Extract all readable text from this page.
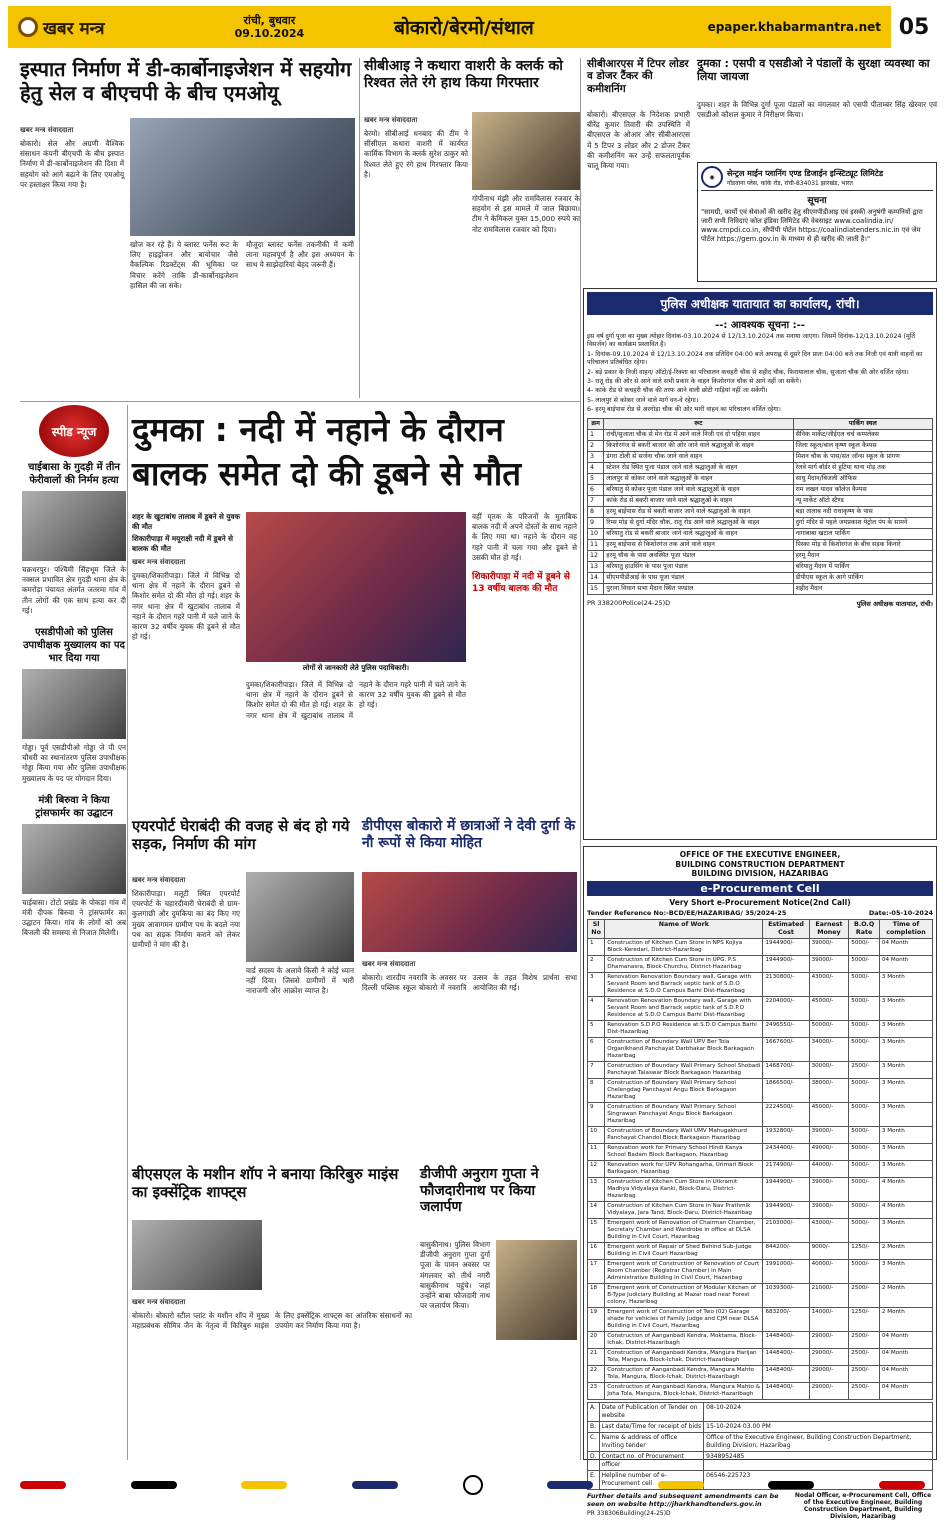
खबर मन्त्र	रांची, बुधवार
09.10.2024	बोकारो/बेरमो/संथाल	epaper.khabarmantra.net 05
इस्पात निर्माण में डी-कार्बोनाइजेशन में सहयोग हेतु सेल व बीएचपी के बीच एमओयू
खबर मन्त्र संवाददाता
बोकारो। सेल और अग्रणी वैश्विक संसाधन कंपनी बीएचपी के बीच इस्पात निर्माण में डी-कार्बोनाइजेशन की दिशा में सहयोग को आगे बढ़ाने के लिए एमओयू पर हस्ताक्षर किया गया है।
खोज कर रहे हैं। ये ब्लास्ट फर्नेस रूट के लिए हाइड्रोजन और बायोचार जैसे वैकल्पिक रिडक्टेंट्स की भूमिका पर विचार करेंगे ताकि डी-कार्बोनाइजेशन हासिल की जा सके।
मौजूदा ब्लास्ट फर्नेस तकनीकी में कमी लाना महत्वपूर्ण है और इस अध्ययन के साथ ये साझेदारियां बेहद जरूरी हैं।
सीबीआइ ने कथारा वाशरी के क्लर्क को रिश्वत लेते रंगे हाथ किया गिरफ्तार
खबर मन्त्र संवाददाता
बेरमो। सीबीआई धनबाद की टीम ने सीसीएल कथारा वाशरी में कार्यरत कार्मिक विभाग के क्लर्क सुरेश ठाकुर को रिश्वत लेते हुए रंगे हाथ गिरफ्तार किया है।
गोपीनाथ मंझी और रामविलास रजवार के सहयोग से इस मामले में जाल बिछाया। टीम ने केमिकल युक्त 15,000 रुपये का नोट रामविलास रजवार को दिया।
सीबीआरएस में टिपर लोडर व डोजर टैंकर की कमीशनिंग
बोकारो। बीएसएल के निदेशक प्रभारी बीरेंद्र कुमार तिवारी की उपस्थिति में बीएसएल के ओआर और सीबीआरएस में 5 टिपर 3 लोडर और 2 डोजर टैंकर की कमीशनिंग कर उन्हें सफलतापूर्वक चालू किया गया।
दुमका : एसपी व एसडीओ ने पंडालों के सुरक्षा व्यवस्था का लिया जायजा
दुमका। शहर के विभिन्न दुर्गा पूजा पंडालों का मंगलवार को एसपी पीताम्बर सिंह खेरवार एवं एसडीओ कौशल कुमार ने निरीक्षण किया।
◉	सेन्ट्रल माईन प्लानिंग एण्ड डिजाईन इन्स्टिट्यूट लिमिटेड
गोंडवाना प्लेस, कांके रोड, रांची-834031 झारखंड, भारत
सूचना
"सामग्री, कार्यों एवं सेवाओं की खरीद हेतु सीएमपीडीआइ एवं इसकी अनुषंगी कम्पनियों द्वारा जारी सभी निविदाएं कोल इंडिया लिमिटेड की वेबसाइट www.coalindia.in/ www.cmpdi.co.in, सीपीपी पोर्टल https://coalindiatenders.nic.in एवं जेम पोर्टल https://gem.gov.in के माध्यम से ही खरीद की जाती है।"
पुलिस अधीक्षक यातायात का कार्यालय, रांची।
--: आवश्यक सूचना :--
इस वर्ष दुर्गा पूजा का मुख्य त्योहार दिनांक-03.10.2024 से 12/13.10.2024 तक मनाया जाएगा। जिसमें दिनांक-12/13.10.2024 (मूर्ति विसर्जन) का कार्यक्रम प्रस्तावित है।
1- दिनांक-09.10.2024 से 12/13.10.2024 तक प्रतिदिन 04:00 बजे अपराह्न से दूसरे दिन प्रातः 04:00 बजे तक निजी एवं यात्री वाहनों का परिचालन प्रतिबंधित रहेगा।
2- बड़े प्रकार के निजी वाहन/ ऑटो/ई-रिक्शा का परिचालन कचहरी चौक से शहीद चौक, फिरायालाल चौक, सुजाता चौक की ओर वर्जित रहेगा।
3- रातू रोड़ की ओर से आने वाले सभी प्रकार के वाहन किशोरगंज चौक से आगे नहीं जा सकेंगे।
4- कांके रोड से कचहरी चौक की तरफ आने वाली छोटी गाड़ियां नहीं जा सकेंगी।
5- लालपुर से कोकर जाने वाले मार्ग वन-वे रहेगा।
6- हरमू बाईपास रोड से अरगोड़ा चौक की ओर भारी वाहन का परिचालन वर्जित रहेगा।
क्रम	रूट	पार्किंग स्थल
1	रांची/सुजाता चौक से मेन रोड में आने वाले निजी एवं दो पहिया वाहन	सैनिक मार्केट/जीईएल चर्च कम्पलेक्स
2	किशोरगंज से बकरी बाजार की ओर जाने वाले श्रद्धालुओं के वाहन	जिला स्कूल/बाल कृष्ण स्कूल कैम्पस
3	डंगरा टोली से सर्जना चौक जाने वाले वाहन	मिशन चौक के पास/संत जॉन्स स्कूल के प्रांगण
4	स्टेशन रोड स्थित पूजा पंडाल जाने वाले श्रद्धालुओं के वाहन	रेलवे मार्ग बॉर्डर से हुटिया थाना मोड़ तक
5	लालपुर से कोकर जाने वाले श्रद्धालुओं के वाहन	साधु मैदान/बिजली ऑफिस
6	बरियातु से कोकर पूजा पंडाल जाने वाले श्रद्धालुओं के वाहन	राम लखन यादव कॉलेज कैम्पस
7	कांके रोड से बकरी बाजार जाने वाले श्रद्धालुओं के वाहन	न्यू मार्केट ऑटो स्टैण्ड
8	हरमू बाईपास रोड से बकरी बाजार जाने वाले श्रद्धालुओं के वाहन	बड़ा तालाब नदी राधाकृष्ण के पास
9	रिम्स मोड़ से दुर्गा मंदिर चौक, रातू रोड आने वाले श्रद्धालुओं के वाहन	दुर्गा मंदिर से पहले जयप्रकाश पेट्रोल पंप के सामने
10	बरियातु रोड से बकरी बाजार जाने वाले श्रद्धालुओं के वाहन	नागाबाबा खटाल पार्किंग
11	हरमू बाईपास से किशोरगंज तक आने वाले वाहन	पिस्का मोड़ से किशोरगंज के बीच सड़क किनारे
12	हरमू चौक के पास अवस्थित पूजा पंडाल	हरमू मैदान
13	बरियातु हाउसिंग के पास पूजा पंडाल	बरियातु मैदान में पार्किंग
14	सीएमपीडीआई के पास पूजा पंडाल	डीपीएस स्कूल के आगे पार्किंग
15	पुराना विधान सभा मैदान स्थित पण्डाल	शहीद मैदान
PR 338200Police(24-25)D	पुलिस अधीक्षक यातायात, रांची।
स्पीड न्यूज
चाईबासा के गुदड़ी में तीन फेरीवालों की निर्मम हत्या
चक्रधरपुर। पश्चिमी सिंहभूम जिले के नक्सल प्रभावित क्षेत्र गुदड़ी थाना क्षेत्र के कमरोड़ा पंचायत अंतर्गत जतरमा गांव में तीन लोगों की एक साथ हत्या कर दी गई।
एसडीपीओ को पुलिस उपाधीक्षक मुख्यालय का पद भार दिया गया
गोड्डा। पूर्व एसडीपीओ गोड्डा जे पी एन चौधरी का स्थानांतरण पुलिस उपाधीक्षक गोड्डा किया गया और पुलिस उपाधीक्षक मुख्यालय के पद पर योगदान दिया।
मंत्री बिरुवा ने किया ट्रांसफार्मर का उद्घाटन
चाईबासा। टोटो प्रखंड के पोकड़ा गांव में मंत्री दीपक बिरुवा ने ट्रांसफार्मर का उद्घाटन किया। गांव के लोगों को अब बिजली की समस्या से निजात मिलेगी।
दुमका : नदी में नहाने के दौरान बालक समेत दो की डूबने से मौत
शहर के खुटाबांध तालाब में डूबने से युवक की मौत
शिकारीपाड़ा में मयूराक्षी नदी में डूबने से बालक की मौत
खबर मन्त्र संवाददाता
दुमका/शिकारीपाड़ा। जिले में विभिन्न दो थाना क्षेत्र में नहाने के दौरान डूबने से किशोर समेत दो की मौत हो गई। शहर के नगर थाना क्षेत्र में खुटाबांध तालाब में नहाने के दौरान गहरे पानी में चले जाने के कारण 32 वर्षीय युवक की डूबने से मौत हो गई।
लोगों से जानकारी लेते पुलिस पदाधिकारी।
दुमका/शिकारीपाड़ा। जिले में विभिन्न दो थाना क्षेत्र में नहाने के दौरान डूबने से किशोर समेत दो की मौत हो गई। शहर के नगर थाना क्षेत्र में खुटाबांध तालाब में नहाने के दौरान गहरे पानी में चले जाने के कारण 32 वर्षीय युवक की डूबने से मौत हो गई।
वहीं मृतक के परिजनों के मुताबिक बालक नदी में अपने दोस्तों के साथ नहाने के लिए गया था। नहाने के दौरान वह गहरे पानी में चला गया और डूबने से उसकी मौत हो गई।
शिकारीपाड़ा में नदी में डूबने से 13 वर्षीय बालक की मौत
एयरपोर्ट घेराबंदी की वजह से बंद हो गये सड़क, निर्माण की मांग
खबर मन्त्र संवाददाता
शिकारीपाड़ा। मलूटी स्थित एयरपोर्ट एयरपोर्ट के चहारदीवारी घेराबंदी से ग्राम-कुलगाछी और दुमकिया का बंद किए गए मुख्य आवागमन ग्रामीण पथ के बदले नया पथ का सड़क निर्माण कराने को लेकर ग्रामीणों ने मांग की है।
वार्ड सदस्य के अलावे किसी ने कोई ध्यान नहीं दिया। जिससे ग्रामीणों में भारी नाराजगी और आक्रोश व्याप्त है।
डीपीएस बोकारो में छात्राओं ने देवी दुर्गा के नौ रूपों से किया मोहित
खबर मन्त्र संवाददाता
बोकारो। शारदीय नवरात्रि के अवसर पर दिल्ली पब्लिक स्कूल बोकारो में नवरात्रि उत्सव के तहत विशेष प्रार्थना सभा आयोजित की गई।
बीएसएल के मशीन शॉप ने बनाया किरिबुरु माइंस का इक्सेंट्रिक शाफ्ट्स
खबर मन्त्र संवाददाता
बोकारो। बोकारो स्टील प्लांट के मशीन शॉप में मुख्य महाप्रबंधक सौमित्र जैन के नेतृत्व में किरिबुरु माइंस के लिए इक्सेंट्रिक शाफ्ट्स का आंतरिक संसाधनों का उपयोग कर निर्माण किया गया है।
डीजीपी अनुराग गुप्ता ने फौजदारीनाथ पर किया जलार्पण
बासुकीनाथ। पुलिस विभाग डीजीपी अनुराग गुप्ता दुर्गा पूजा के पावन अवसर पर मंगलवार को तीर्थ नगरी बासुकीनाथ पहुंचे। जहां उन्होंने बाबा फौजदारी नाथ पर जलार्पण किया।
OFFICE OF THE EXECUTIVE ENGINEER,
BUILDING CONSTRUCTION DEPARTMENT
BUILDING DIVISION, HAZARIBAG
e-Procurement Cell
Very Short e-Procurement Notice(2nd Call)
Tender Reference No:-BCD/EE/HAZARIBAG/ 35/2024-25	Date:-05-10-2024
Sl No	Name of Work	Estimated Cost	Earnest Money	B.O.Q Rate	Time of completion
1	Construction of Kitchen Cum Store in NPS Kojiya Block-Keredari, District-Hazaribag	1944900/-	39000/-	5000/-	04 Month
2	Construction of Kitchen Cum Store in UPG. P.S Dhamanasra, Block-Churchu, District-Hazaribag	1944900/-	39000/-	5000/-	04 Month
3	Renovation Renovation Boundary wall, Garage with Servant Room and Barrack septic tank of S.D.O Residence at S.D.O Campus Barhi Dist-Hazaribag	2130800/-	43000/-	5000/-	3 Month
4	Renovation Renovation Boundary wall, Garage with Servant Room and Barrack septic tank of S.D.P.O Residence at S.D.O Campus Barhi Dist-Hazaribag	2204000/-	45000/-	5000/-	3 Month
5	Renovation S.D.P.O Residence at S.D.O Campus Barhi Dist-Hazaribag	2496550/-	50000/-	5000/-	3 Month
6	Construction of Boundary Wall UPV Ber Tola Organikhand Panchayat Darbhakar Block Barkagaon Hazaribag	1667600/-	34000/-	5000/-	3 Month
7	Construction of Boundary Wall Primary School Shobadi Panchayat Talaswar Block Barkagaon Hazaribag	1468700/-	30000/-	2500/-	3 Month
8	Construction of Boundary Wall Primary School Chelengdag Panchayat Angu Block Barkagaon Hazaribag	1866500/-	38000/-	5000/-	3 Month
9	Construction of Boundary Wall Primary School Singrawan Panchayat Angu Block Barkagaon Hazaribag	2224500/-	45000/-	5000/-	3 Month
10	Construction of Boundary Wall UMV Mahugakhurd Panchayat Chandol Block Barkagaon Hazaribag	1932800/-	39000/-	5000/-	3 Month
11	Renovation work for Primary School Hindi Kanya School Badam Block Barkagaon, Hazaribag	2434400/-	49000/-	5000/-	3 Month
12	Renovation work for UPV Rohangarha, Urimari Block Barkagaon, Hazaribag	2174900/-	44000/-	5000/-	3 Month
13	Construction of Kitchen Cum Store in Utkramit Madhya Vidyalaya Kanki, Block-Daru, District-Hazaribag	1944900/-	39000/-	5000/-	4 Month
14	Construction of Kitchen Cum Store in Nav Prathmik Vidyalaya, Jara Tand, Block-Daru, District-Hazaribag	1944900/-	39000/-	5000/-	4 Month
15	Emergent work of Renovation of Chairman Chamber, Secretary Chamber and Wardrobe in office at DLSA Building in Civil Court, Hazaribag	2103000/-	43000/-	5000/-	3 Month
16	Emergent work of Repair of Shed Behind Sub-Judge Building in Civil Court Hazaribag	844200/-	9000/-	1250/-	2 Month
17	Emergent work of Construction of Renovation of Court Room Chamber (Registrar Chamber) in Main Administrative Building in Civil Court, Hazaribag	1991000/-	40000/-	5000/-	3 Month
18	Emergent work of Construction of Modular Kitchen of B-Type Judiciary Building at Mazar road near Forest colony, Hazaribag	1039300/-	21000/-	2500/-	2 Month
19	Emergent work of Construction of Two (02) Garage shade for vehicles of Family Judge and CJM near DLSA Building in Civil Court, Hazaribag	683200/-	14000/-	1250/-	2 Month
20	Construction of Aanganbadi Kendra, Moktama, Block-Ichak, District-Hazaribagh	1448400/-	29000/-	2500/-	04 Month
21	Construction of Aanganbadi Kendra, Mangura Harijan Tola, Mangura, Block-Ichak, District-Hazaribagh	1448400/-	29000/-	2500/-	04 Month
22	Construction of Aanganbadi Kendra, Mangura Mahto Tola, Mangura, Block-Ichak, District-Hazaribagh	1448400/-	29000/-	2500/-	04 Month
23	Construction of Aanganbadi Kendra, Mangura Mahto & Joha Tola, Mangura, Block-Ichak, District-Hazaribagh	1448400/-	29000/-	2500/-	04 Month
A.	Date of Publication of Tender on website	08-10-2024
B.	Last date/Time for receipt of bids	15-10-2024 03.00 PM
C.	Name & address of office Inviting tender	Office of the Executive Engineer, Building Construction Department, Building Division, Hazaribag
D.	Contact no. of Procurement officer	9348952485
E.	Helpline number of e-Procurement cell	06546-225723
Further details and subsequent amendments can be seen on website http://jharkhandtenders.gov.in
PR 338306Building(24-25)D
Nodal Officer, e-Procurement Cell, Office of the Executive Engineer, Building Construction Department, Building Division, Hazaribag
